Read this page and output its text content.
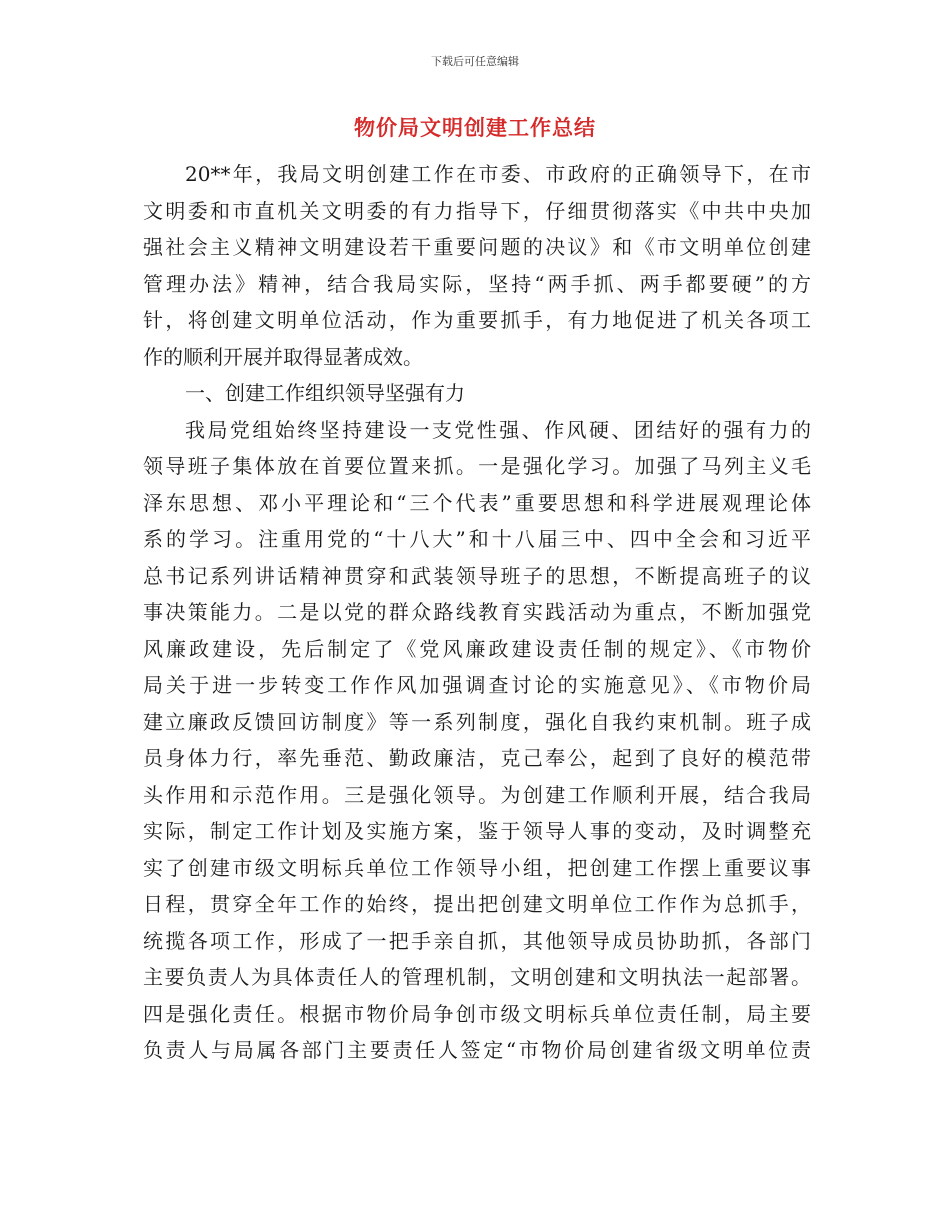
下载后可任意编辑
物价局文明创建工作总结
20**年，我局文明创建工作在市委、市政府的正确领导下，在市
文明委和市直机关文明委的有力指导下，仔细贯彻落实《中共中央加
强社会主义精神文明建设若干重要问题的决议》和《市文明单位创建
管理办法》精神，结合我局实际，坚持“两手抓、两手都要硬”的方
针，将创建文明单位活动，作为重要抓手，有力地促进了机关各项工
作的顺利开展并取得显著成效。
一、创建工作组织领导坚强有力
我局党组始终坚持建设一支党性强、作风硬、团结好的强有力的
领导班子集体放在首要位置来抓。一是强化学习。加强了马列主义毛
泽东思想、邓小平理论和“三个代表”重要思想和科学进展观理论体
系的学习。注重用党的“十八大”和十八届三中、四中全会和习近平
总书记系列讲话精神贯穿和武装领导班子的思想，不断提高班子的议
事决策能力。二是以党的群众路线教育实践活动为重点，不断加强党
风廉政建设，先后制定了《党风廉政建设责任制的规定》、《市物价
局关于进一步转变工作作风加强调查讨论的实施意见》、《市物价局
建立廉政反馈回访制度》等一系列制度，强化自我约束机制。班子成
员身体力行，率先垂范、勤政廉洁，克己奉公，起到了良好的模范带
头作用和示范作用。三是强化领导。为创建工作顺利开展，结合我局
实际，制定工作计划及实施方案，鉴于领导人事的变动，及时调整充
实了创建市级文明标兵单位工作领导小组，把创建工作摆上重要议事
日程，贯穿全年工作的始终，提出把创建文明单位工作作为总抓手，
统揽各项工作，形成了一把手亲自抓，其他领导成员协助抓，各部门
主要负责人为具体责任人的管理机制，文明创建和文明执法一起部署。
四是强化责任。根据市物价局争创市级文明标兵单位责任制，局主要
负责人与局属各部门主要责任人签定“市物价局创建省级文明单位责
